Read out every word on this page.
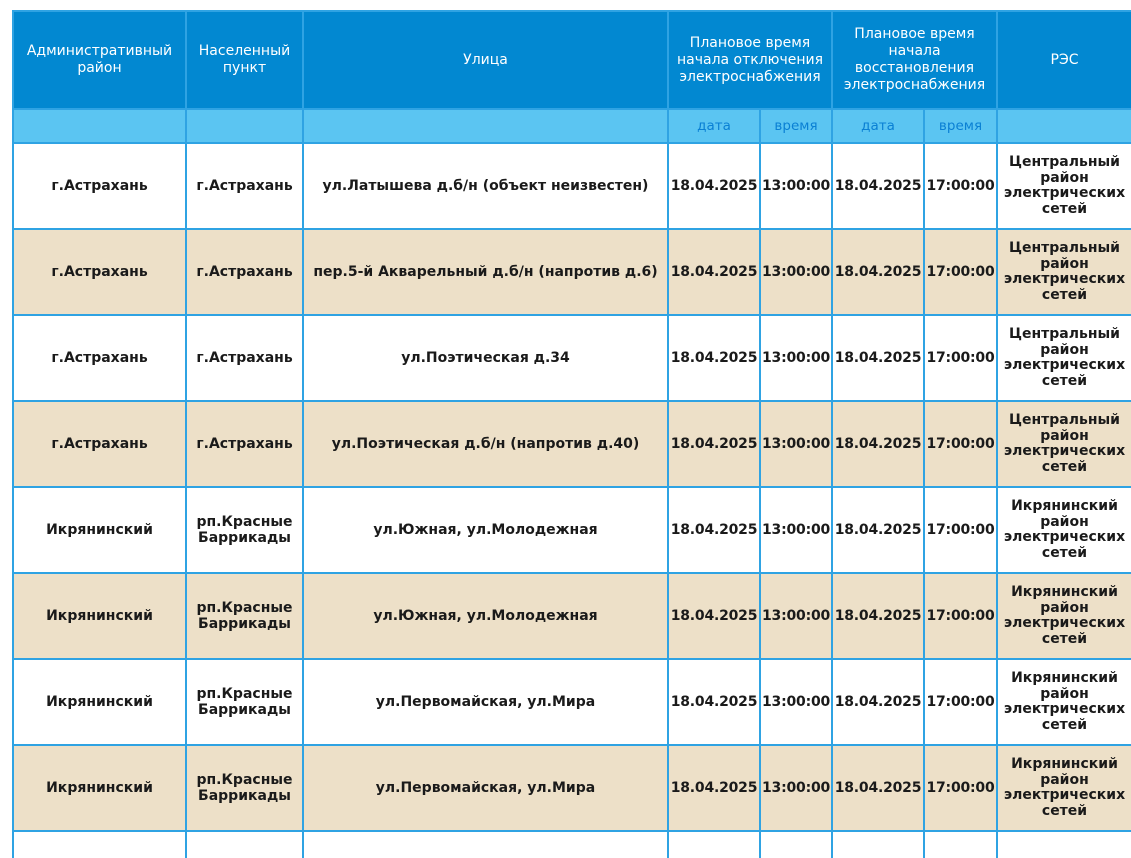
Административный район	Населенный пункт	Улица	Плановое время начала отключения электроснабжения		Плановое время начала восстановления электроснабжения		РЭС
			дата	время	дата	время	
г.Астрахань	г.Астрахань	ул.Латышева д.б/н (объект неизвестен)	18.04.2025	13:00:00	18.04.2025	17:00:00	Центральный район электрических сетей
г.Астрахань	г.Астрахань	пер.5-й Акварельный д.б/н (напротив д.6)	18.04.2025	13:00:00	18.04.2025	17:00:00	Центральный район электрических сетей
г.Астрахань	г.Астрахань	ул.Поэтическая д.34	18.04.2025	13:00:00	18.04.2025	17:00:00	Центральный район электрических сетей
г.Астрахань	г.Астрахань	ул.Поэтическая д.б/н (напротив д.40)	18.04.2025	13:00:00	18.04.2025	17:00:00	Центральный район электрических сетей
Икрянинский	рп.Красные Баррикады	ул.Южная, ул.Молодежная	18.04.2025	13:00:00	18.04.2025	17:00:00	Икрянинский район электрических сетей
Икрянинский	рп.Красные Баррикады	ул.Южная, ул.Молодежная	18.04.2025	13:00:00	18.04.2025	17:00:00	Икрянинский район электрических сетей
Икрянинский	рп.Красные Баррикады	ул.Первомайская, ул.Мира	18.04.2025	13:00:00	18.04.2025	17:00:00	Икрянинский район электрических сетей
Икрянинский	рп.Красные Баррикады	ул.Первомайская, ул.Мира	18.04.2025	13:00:00	18.04.2025	17:00:00	Икрянинский район электрических сетей
